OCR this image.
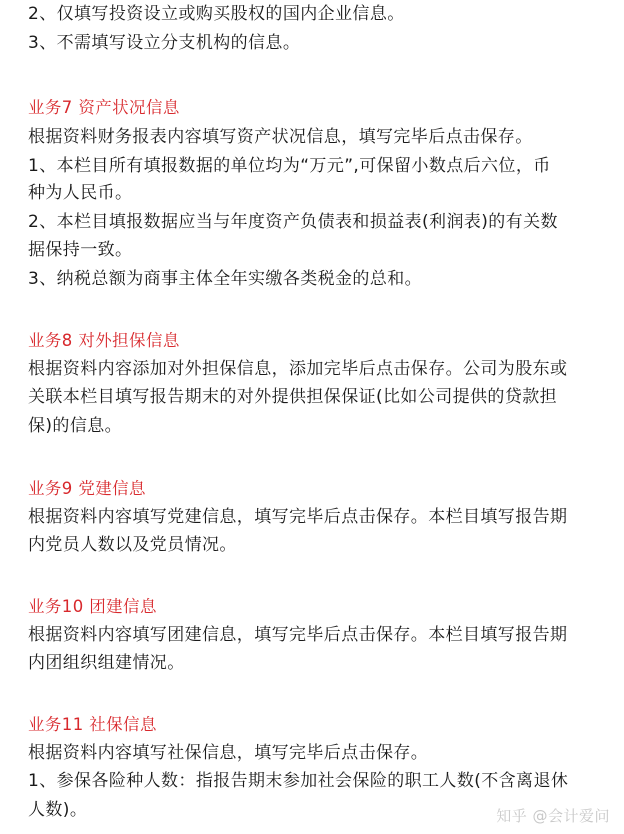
2、仅填写投资设立或购买股权的国内企业信息。
3、不需填写设立分支机构的信息。
业务7 资产状况信息
根据资料财务报表内容填写资产状况信息，填写完毕后点击保存。
1、本栏目所有填报数据的单位均为“万元”,可保留小数点后六位，币
种为人民币。
2、本栏目填报数据应当与年度资产负债表和损益表(利润表)的有关数
据保持一致。
3、纳税总额为商事主体全年实缴各类税金的总和。
业务8 对外担保信息
根据资料内容添加对外担保信息，添加完毕后点击保存。公司为股东或
关联本栏目填写报告期末的对外提供担保保证(比如公司提供的贷款担
保)的信息。
业务9 党建信息
根据资料内容填写党建信息，填写完毕后点击保存。本栏目填写报告期
内党员人数以及党员情况。
业务10 团建信息
根据资料内容填写团建信息，填写完毕后点击保存。本栏目填写报告期
内团组织组建情况。
业务11 社保信息
根据资料内容填写社保信息，填写完毕后点击保存。
1、参保各险种人数：指报告期末参加社会保险的职工人数(不含离退休
人数)。	知乎 @会计爱问
